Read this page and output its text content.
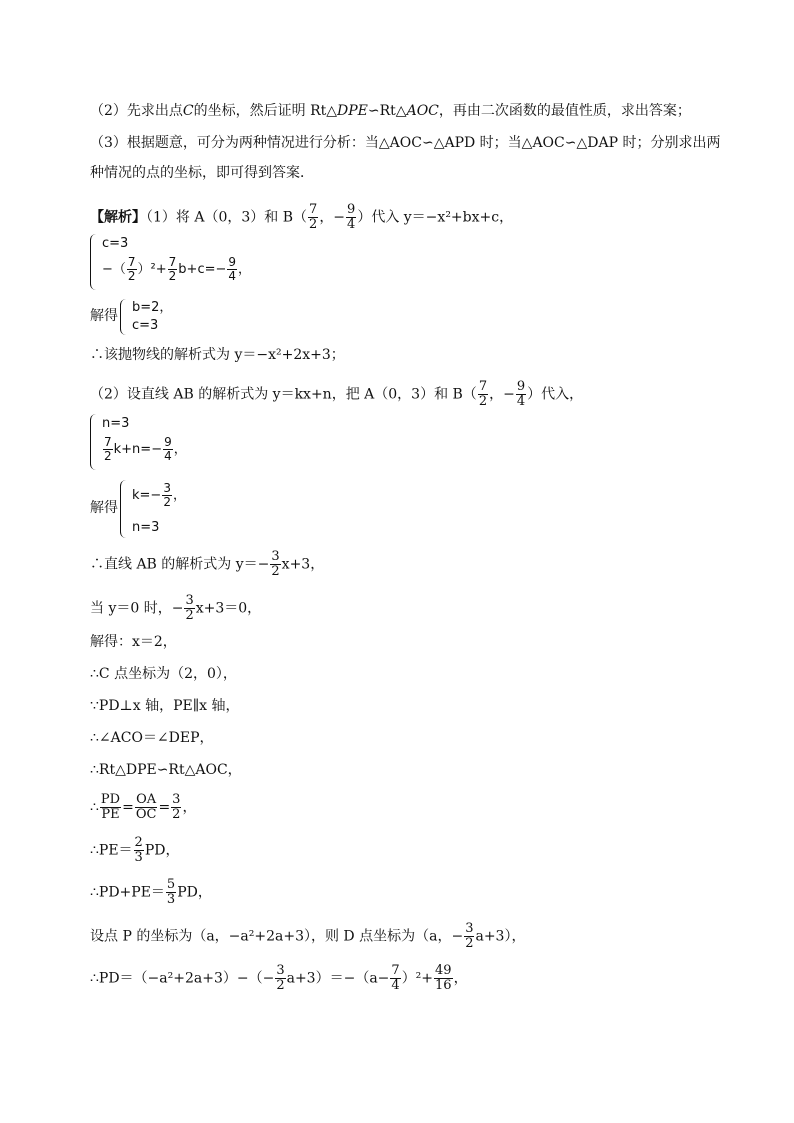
（2）先求出点C的坐标，然后证明 Rt△DPE∽Rt△AOC，再由二次函数的最值性质，求出答案；
（3）根据题意，可分为两种情况进行分析：当△AOC∽△APD 时；当△AOC∽△DAP 时；分别求出两
种情况的点的坐标，即可得到答案．
【解析】（1）将 A（0，3）和 $B( \frac{7}{2}$ ，− $\frac{9}{4}$ ）代入 y＝−x²+bx+c，
c=3
−（ $\frac{7}{2} )^2+ \frac{7}{2} b+c=- \frac{9}{4}$ ，
解得
b=2，
c=3
∴该抛物线的解析式为 y＝−x²+2x+3；
（2）设直线 AB 的解析式为 y＝kx+n，把 A（0，3）和 $B( \frac{7}{2}$ ，− $\frac{9}{4}$ ）代入，
n=3
$\frac{7}{2} k+n=- \frac{9}{4}$ ，
解得
$k=- \frac{3}{2}$ ，
n=3
∴直线 AB 的解析式为 $y=- \frac{3}{2} x+3$，
当 y＝0 时，− $\frac{3}{2} x+3=0$，
解得：x＝2，
∴C 点坐标为（2，0），
∵PD⊥x 轴，PE∥x 轴，
∴∠ACO＝∠DEP，
∴Rt△DPE∽Rt△AOC，
∴ $\frac{PD}{PE} = \frac{OA}{OC} = \frac{3}{2}$ ，
∴PE＝ $\frac{2}{3}$ PD，
∴PD+PE＝ $\frac{5}{3}$ PD，
设点 P 的坐标为（a，−a²+2a+3），则 D 点坐标为（a，− $\frac{3}{2} a+3$），
∴PD＝（−a²+2a+3）−（− $\frac{3}{2} a+3)=-(a- \frac{7}{4} )^2+ \frac{49}{16}$ ，
